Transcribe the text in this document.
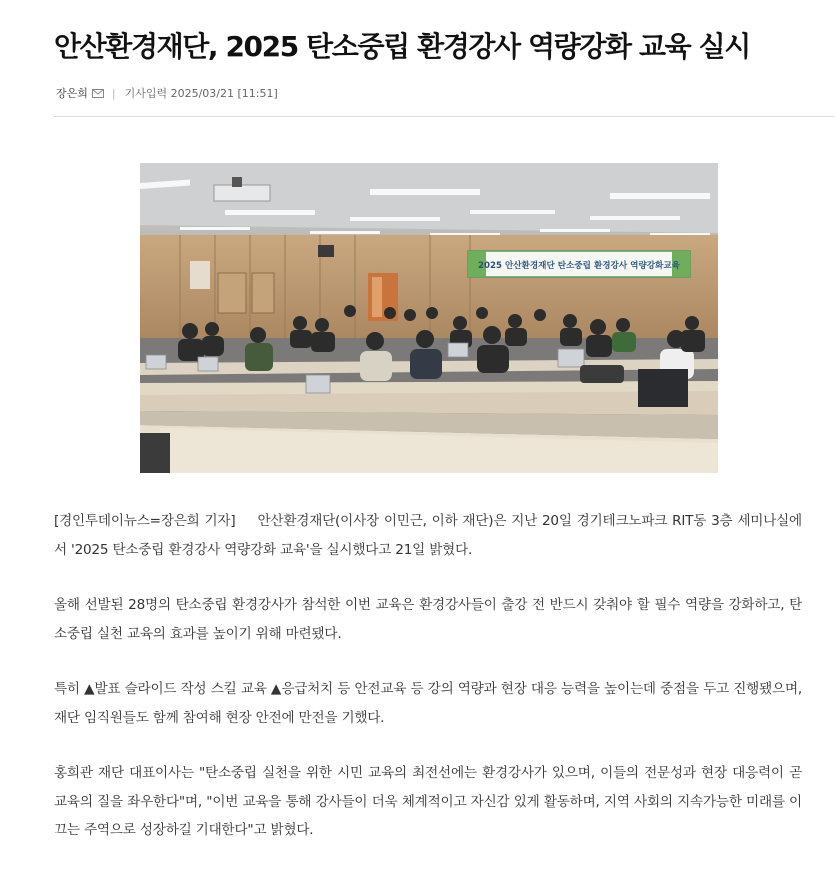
안산환경재단, 2025 탄소중립 환경강사 역량강화 교육 실시
장은희 | 기사입력 2025/03/21 [11:51]
2025 안산환경재단 탄소중립 환경강사 역량강화교육

[경인투데이뉴스=장은희 기자] 안산환경재단(이사장 이민근, 이하 재단)은 지난 20일 경기테크노파크 RIT동 3층 세미나실에서 '2025 탄소중립 환경강사 역량강화 교육'을 실시했다고 21일 밝혔다.

올해 선발된 28명의 탄소중립 환경강사가 참석한 이번 교육은 환경강사들이 출강 전 반드시 갖춰야 할 필수 역량을 강화하고, 탄소중립 실천 교육의 효과를 높이기 위해 마련됐다.

특히 ▲발표 슬라이드 작성 스킬 교육 ▲응급처치 등 안전교육 등 강의 역량과 현장 대응 능력을 높이는데 중점을 두고 진행됐으며, 재단 임직원들도 함께 참여해 현장 안전에 만전을 기했다.

홍희관 재단 대표이사는 "탄소중립 실천을 위한 시민 교육의 최전선에는 환경강사가 있으며, 이들의 전문성과 현장 대응력이 곧 교육의 질을 좌우한다"며, "이번 교육을 통해 강사들이 더욱 체계적이고 자신감 있게 활동하며, 지역 사회의 지속가능한 미래를 이끄는 주역으로 성장하길 기대한다"고 밝혔다.
